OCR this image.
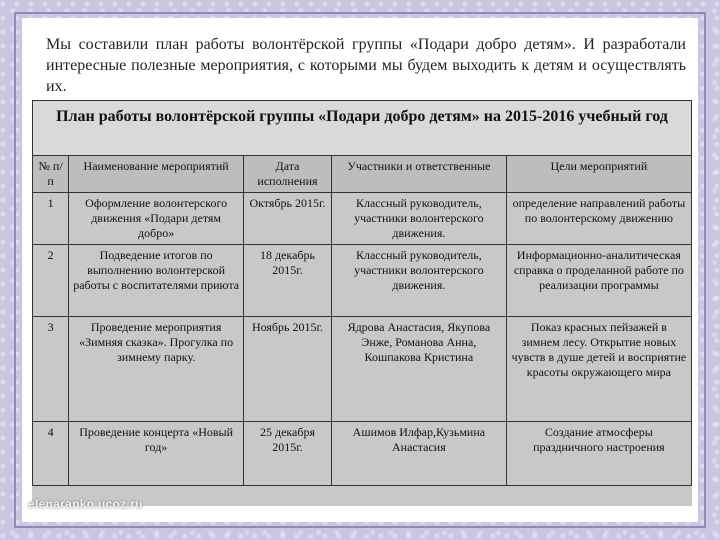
Мы составили план работы волонтёрской группы «Подари добро детям». И разработали интересные полезные мероприятия, с которыми мы будем выходить к детям и осуществлять их.
План работы волонтёрской группы «Подари добро детям» на 2015-2016 учебный год
№ п/п	Наименование мероприятий	Дата исполнения	Участники и ответственные	Цели мероприятий
1	Оформление волонтерского движения «Подари детям добро»	Октябрь 2015г.	Классный руководитель, участники волонтерского движения.	определение направлений работы по волонтерскому движению
2	Подведение итогов по выполнению волонтерской работы с воспитателями приюта	18 декабрь 2015г.	Классный руководитель, участники волонтерского движения.	Информационно-аналитическая справка о проделанной работе по реализации программы
3	Проведение мероприятия «Зимняя сказка». Прогулка по зимнему парку.	Ноябрь 2015г.	Ядрова Анастасия, Якупова Энже, Романова Анна, Кошпакова Кристина	Показ красных пейзажей в зимнем лесу. Открытие новых чувств в душе детей и восприятие красоты окружающего мира
4	Проведение концерта «Новый год»	25 декабря 2015г.	Ашимов Илфар,Кузьмина Анастасия	Создание атмосферы праздничного настроения
elenaranko.ucoz.ru
